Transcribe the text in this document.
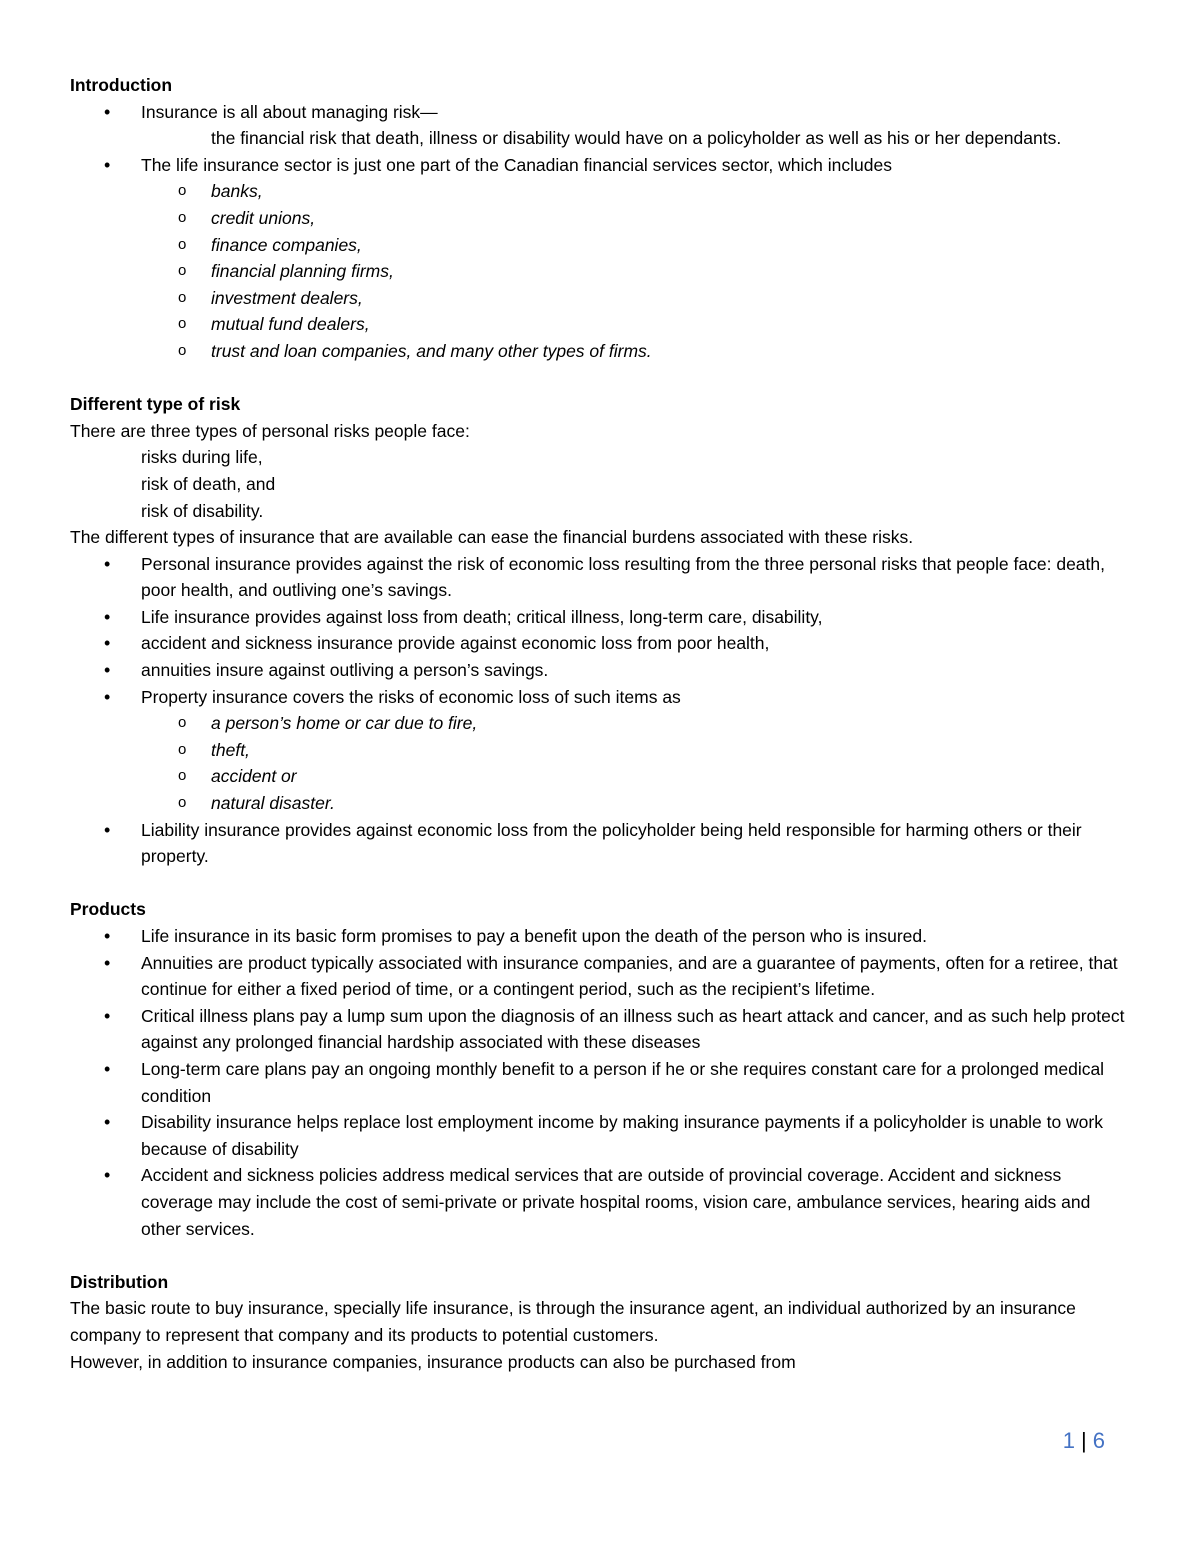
Introduction
• Insurance is all about managing risk—
the financial risk that death, illness or disability would have on a policyholder as well as his or her dependants.
• The life insurance sector is just one part of the Canadian financial services sector, which includes
o banks,
o credit unions,
o finance companies,
o financial planning firms,
o investment dealers,
o mutual fund dealers,
o trust and loan companies, and many other types of firms.
Different type of risk

There are three types of personal risks people face:

risks during life,

risk of death, and

risk of disability.

The different types of insurance that are available can ease the financial burdens associated with these risks.

• Personal insurance provides against the risk of economic loss resulting from the three personal risks that people face: death, poor health, and outliving one’s savings.
• Life insurance provides against loss from death; critical illness, long-term care, disability,
• accident and sickness insurance provide against economic loss from poor health,
• annuities insure against outliving a person’s savings.
• Property insurance covers the risks of economic loss of such items as
o a person’s home or car due to fire,
o theft,
o accident or
o natural disaster.
• Liability insurance provides against economic loss from the policyholder being held responsible for harming others or their property.
Products
• Life insurance in its basic form promises to pay a benefit upon the death of the person who is insured.
• Annuities are product typically associated with insurance companies, and are a guarantee of payments, often for a retiree, that continue for either a fixed period of time, or a contingent period, such as the recipient’s lifetime.
• Critical illness plans pay a lump sum upon the diagnosis of an illness such as heart attack and cancer, and as such help protect against any prolonged financial hardship associated with these diseases
• Long-term care plans pay an ongoing monthly benefit to a person if he or she requires constant care for a prolonged medical condition
• Disability insurance helps replace lost employment income by making insurance payments if a policyholder is unable to work because of disability
• Accident and sickness policies address medical services that are outside of provincial coverage. Accident and sickness coverage may include the cost of semi-private or private hospital rooms, vision care, ambulance services, hearing aids and other services.
Distribution

The basic route to buy insurance, specially life insurance, is through the insurance agent, an individual authorized by an insurance company to represent that company and its products to potential customers.

However, in addition to insurance companies, insurance products can also be purchased from

1 | 6
